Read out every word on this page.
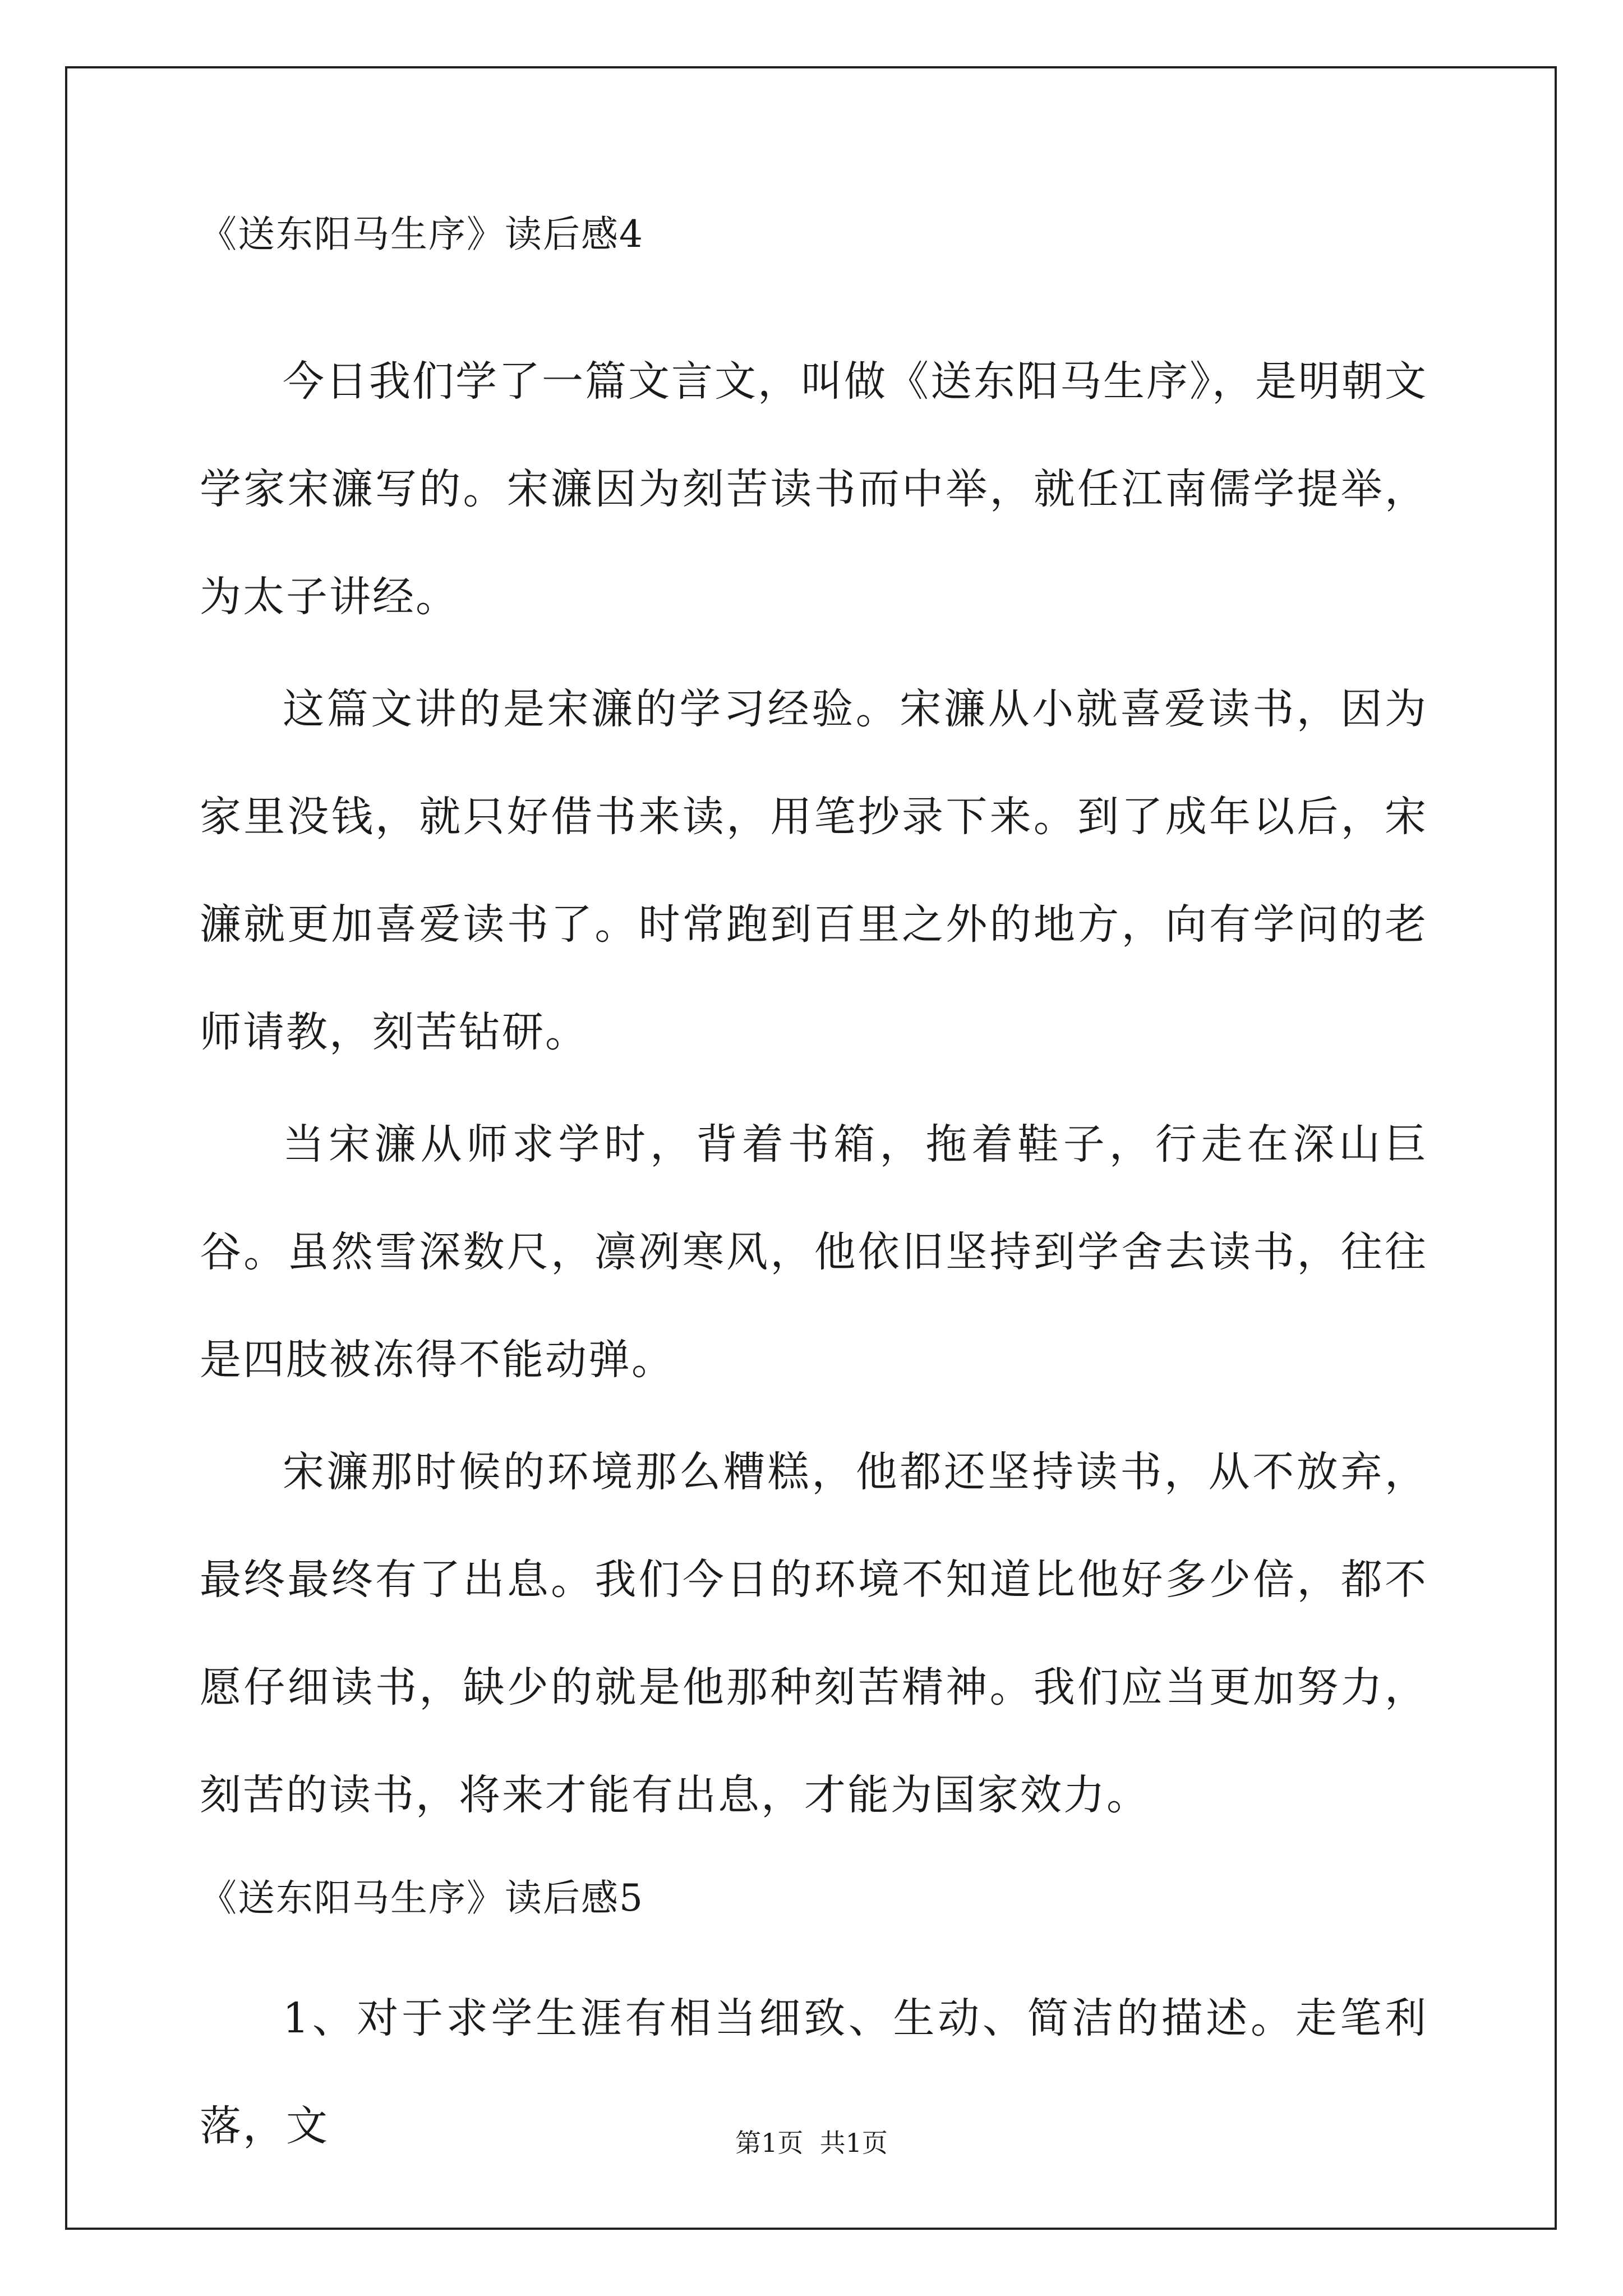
《送东阳马生序》读后感4

今日我们学了一篇文言文，叫做《送东阳马生序》，是明朝文学家宋濂写的。宋濂因为刻苦读书而中举，就任江南儒学提举，为太子讲经。

这篇文讲的是宋濂的学习经验。宋濂从小就喜爱读书，因为家里没钱，就只好借书来读，用笔抄录下来。到了成年以后，宋濂就更加喜爱读书了。时常跑到百里之外的地方，向有学问的老师请教，刻苦钻研。

当宋濂从师求学时，背着书箱，拖着鞋子，行走在深山巨谷。虽然雪深数尺，凛冽寒风，他依旧坚持到学舍去读书，往往是四肢被冻得不能动弹。

宋濂那时候的环境那么糟糕，他都还坚持读书，从不放弃，最终最终有了出息。我们今日的环境不知道比他好多少倍，都不愿仔细读书，缺少的就是他那种刻苦精神。我们应当更加努力，刻苦的读书，将来才能有出息，才能为国家效力。

《送东阳马生序》读后感5

1、对于求学生涯有相当细致、生动、简洁的描述。走笔利落，文	第1页  共1页
